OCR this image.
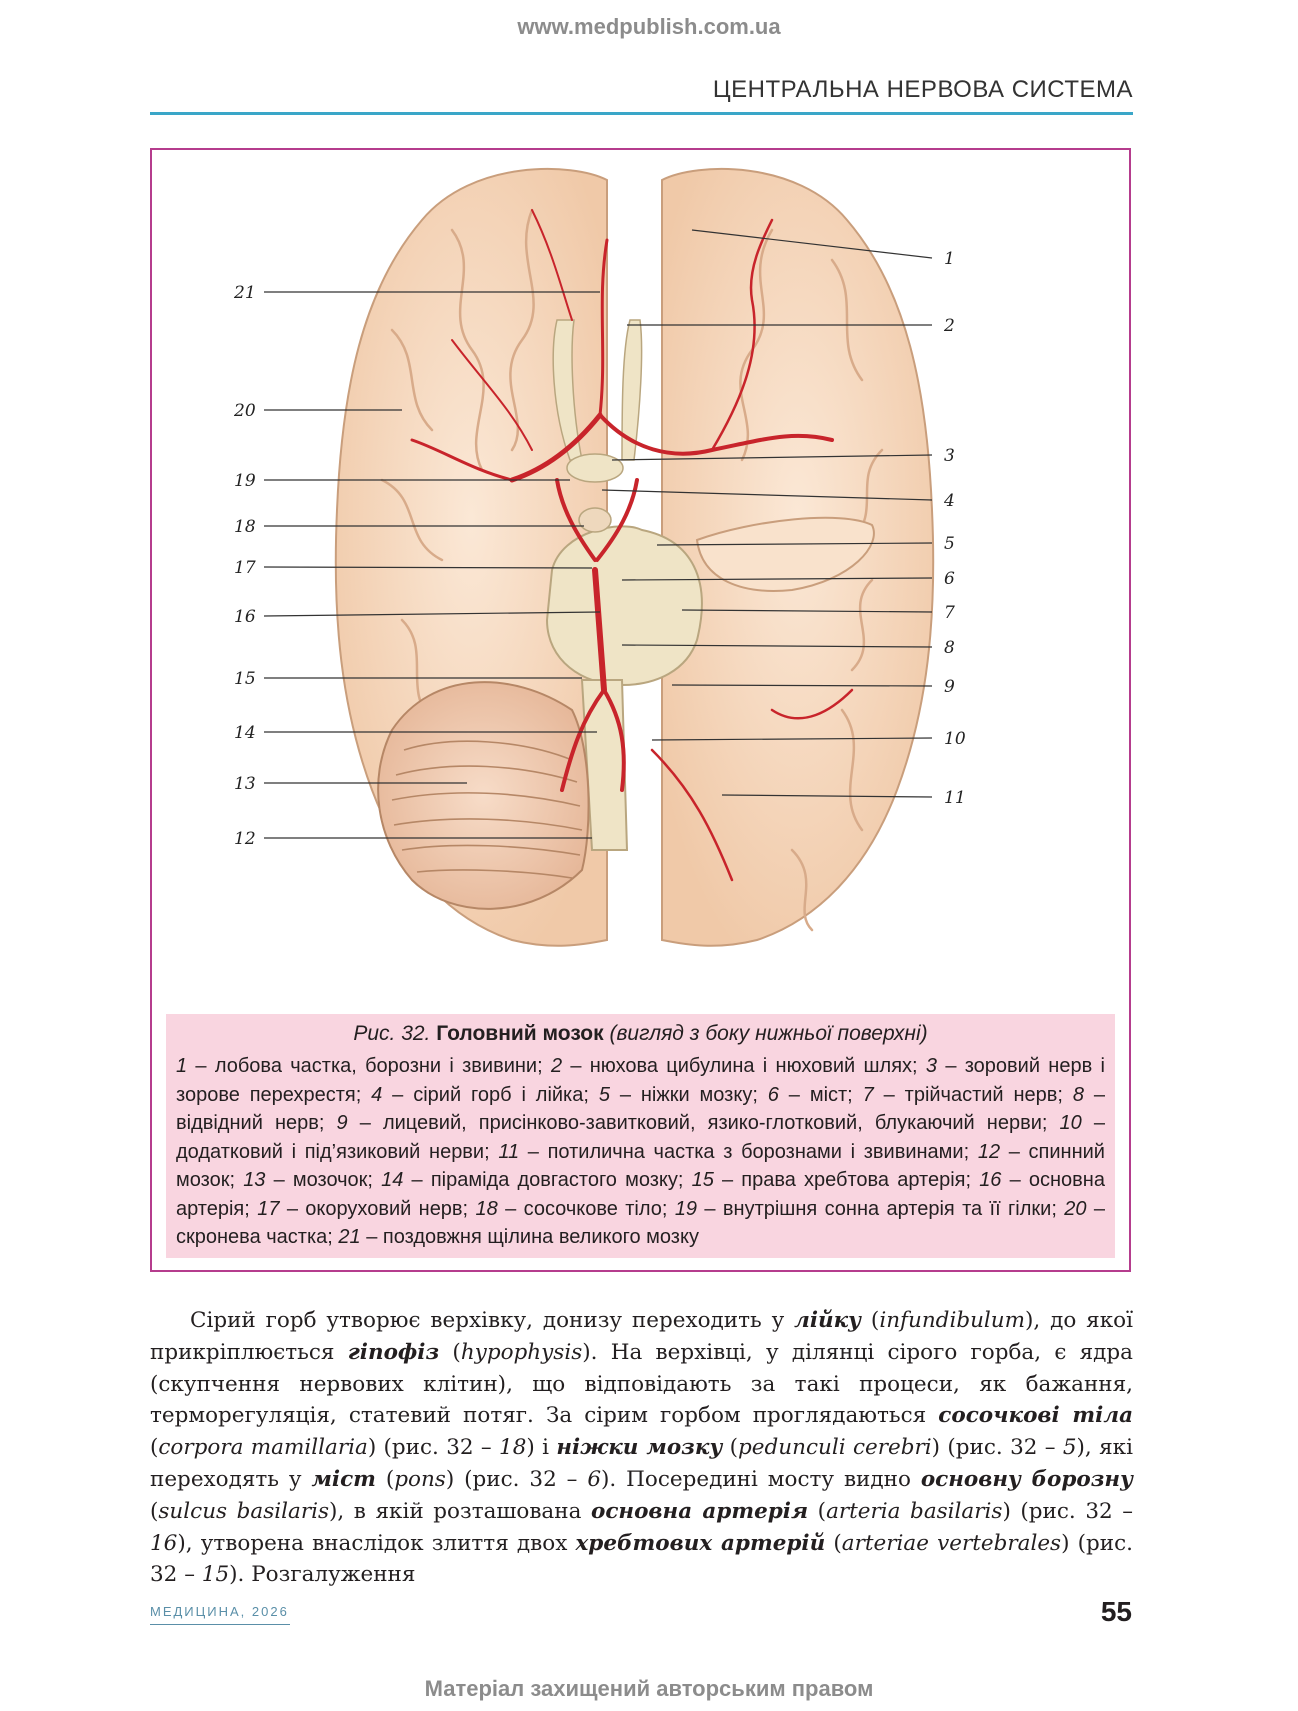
www.medpublish.com.ua
ЦЕНТРАЛЬНА НЕРВОВА СИСТЕМА
1
2
3
4
5
6
7
8
9
10
11
21
20
19
18
17
16
15
14
13
12
Рис. 32. Головний мозок (вигляд з боку нижньої поверхні)
1 – лобова частка, борозни і звивини; 2 – нюхова цибулина і нюховий шлях; 3 – зоровий нерв і зорове перехрестя; 4 – сірий горб і лійка; 5 – ніжки мозку; 6 – міст; 7 – трійчастий нерв; 8 – відвідний нерв; 9 – лицевий, присінково-завитковий, язико-глотковий, блукаючий нерви; 10 – додатковий і під’язиковий нерви; 11 – потилична частка з борознами і звивинами; 12 – спинний мозок; 13 – мозочок; 14 – піраміда довгастого мозку; 15 – права хребтова артерія; 16 – основна артерія; 17 – окоруховий нерв; 18 – сосочкове тіло; 19 – внутрішня сонна артерія та її гілки; 20 – скронева частка; 21 – поздовжня щілина великого мозку

Сірий горб утворює верхівку, донизу переходить у лійку (infundibulum), до якої прикріплюється гіпофіз (hypophysis). На верхівці, у ділянці сірого горба, є ядра (скупчення нервових клітин), що відповідають за такі процеси, як бажання, терморегуляція, статевий потяг. За сірим горбом проглядаються сосочкові тіла (corpora mamillaria) (рис. 32 – 18) і ніжки мозку (pedunculi cerebri) (рис. 32 – 5), які переходять у міст (pons) (рис. 32 – 6). Посередині мосту видно основну борозну (sulcus basilaris), в якій розташована основна артерія (arteria basilaris) (рис. 32 – 16), утворена внаслідок злиття двох хребтових артерій (arteriae vertebrales) (рис. 32 – 15). Розгалуження

МЕДИЦИНА, 2026	55
Матеріал захищений авторським правом
